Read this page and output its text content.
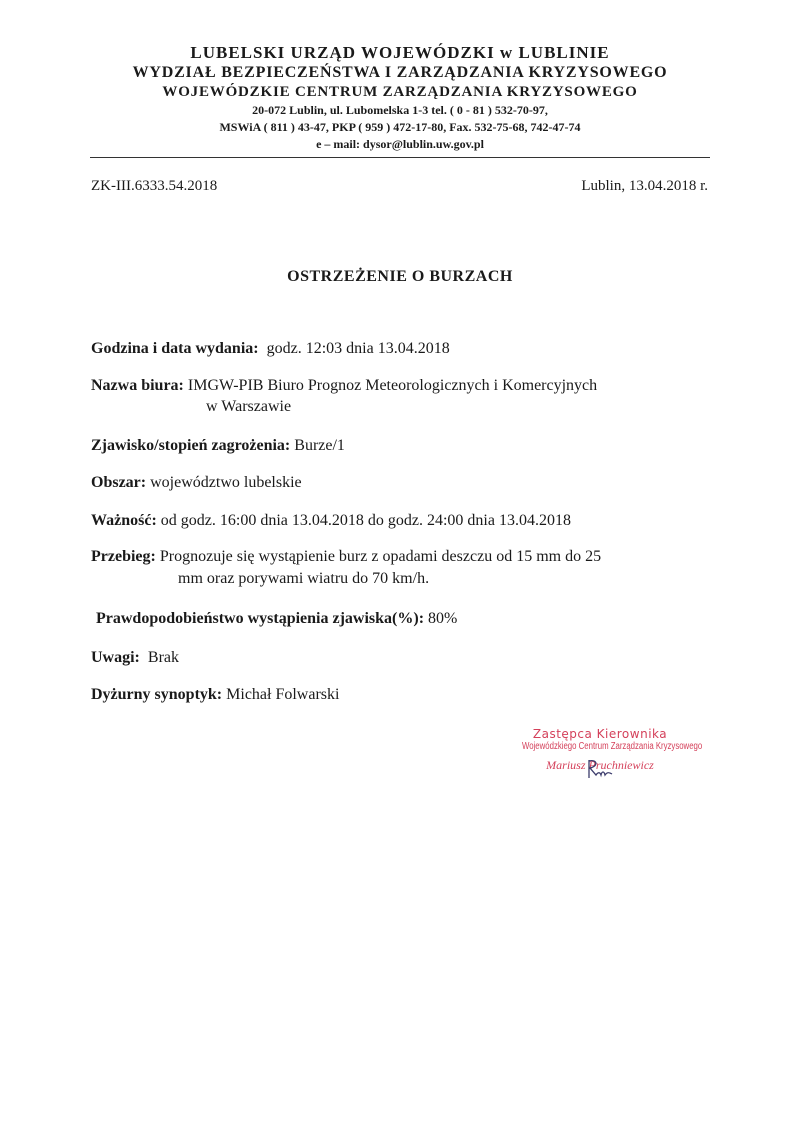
LUBELSKI URZĄD WOJEWÓDZKI w LUBLINIE
WYDZIAŁ BEZPIECZEŃSTWA I ZARZĄDZANIA KRYZYSOWEGO
WOJEWÓDZKIE CENTRUM ZARZĄDZANIA KRYZYSOWEGO
20-072 Lublin, ul. Lubomelska 1-3 tel. ( 0 - 81 ) 532-70-97,
MSWiA ( 811 ) 43-47, PKP ( 959 ) 472-17-80, Fax. 532-75-68, 742-47-74
e – mail: dysor@lublin.uw.gov.pl
ZK-III.6333.54.2018	Lublin, 13.04.2018 r.
OSTRZEŻENIE O BURZACH
Godzina i data wydania: godz. 12:03 dnia 13.04.2018
Nazwa biura: IMGW-PIB Biuro Prognoz Meteorologicznych i Komercyjnych
w Warszawie
Zjawisko/stopień zagrożenia: Burze/1
Obszar: województwo lubelskie
Ważność: od godz. 16:00 dnia 13.04.2018 do godz. 24:00 dnia 13.04.2018
Przebieg: Prognozuje się wystąpienie burz z opadami deszczu od 15 mm do 25
mm oraz porywami wiatru do 70 km/h.
Prawdopodobieństwo wystąpienia zjawiska(%): 80%
Uwagi: Brak
Dyżurny synoptyk: Michał Folwarski
Zastępca Kierownika
Wojewódzkiego Centrum Zarządzania Kryzysowego
Mariusz Pruchniewicz
